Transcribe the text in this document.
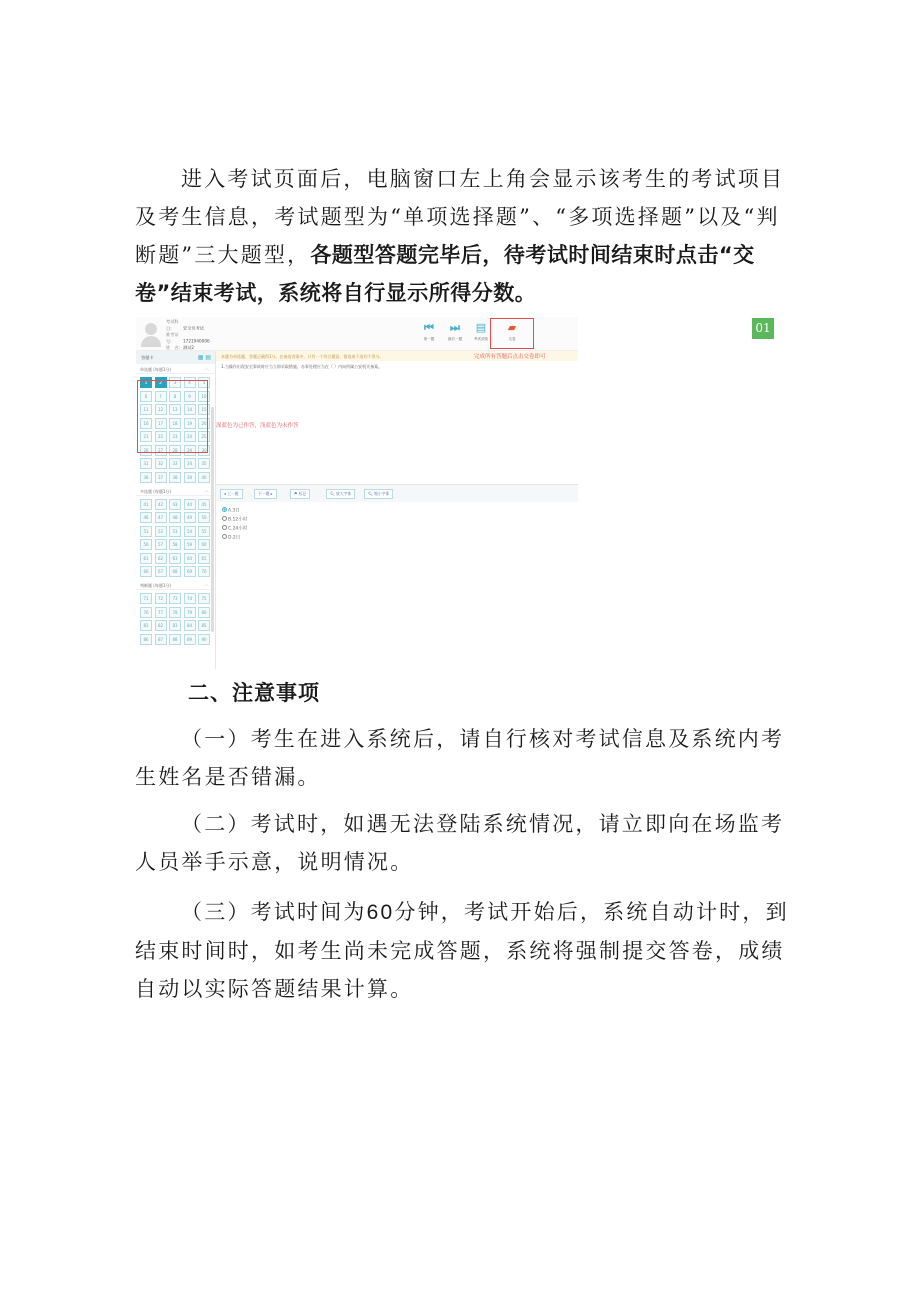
进入考试页面后，电脑窗口左上角会显示该考生的考试项目及考生信息，考试题型为“单项选择题”、“多项选择题”以及“判断题”三大题型，各题型答题完毕后，待考试时间结束时点击“交卷”结束考试，系统将自行显示所得分数。
考试科目:	安全员考试
准考证号:	1721940006
姓　名: 测试2
⏮
第一题
⏭
最后一题
▤
考试须知
▰
交卷
答题卡	▦ ▤
单选题 (每题1分)	︿
1	2	3	4	5
6	7	8	9	10
11	12	13	14	15
16	17	18	19	20
21	22	23	24	25
26	27	28	29	30
31	32	33	34	35
36	37	38	39	40
多选题 (每题1分)	︿
41	42	43	44	45
46	47	48	49	50
51	52	53	54	55
56	57	58	59	60
61	62	63	64	65
66	67	68	69	70
判断题 (每题1分)	︿
71	72	73	74	75
76	77	78	79	80
81	82	83	84	85
86	87	88	89	90
本题为单选题，答题正确得1分。在备选答案中，只有一个符合题意，错选或不选均不得分。	完成所有答题后点击交卷即可
1.当操作出现安全事故时应当立即采取措施，办事处理应当在（ ）内向所属公安机关备案。
◂ 上一题	下一题 ▸	⚑ 标记	🔍︎ 放大字体	🔍︎ 缩小字体
A.3日
B.12小时
C.24小时
D.2日
深蓝色为已作答，浅蓝色为未作答
01
二、注意事项
（一）考生在进入系统后，请自行核对考试信息及系统内考生姓名是否错漏。
（二）考试时，如遇无法登陆系统情况，请立即向在场监考人员举手示意，说明情况。
（三）考试时间为60分钟，考试开始后，系统自动计时，到结束时间时，如考生尚未完成答题，系统将强制提交答卷，成绩自动以实际答题结果计算。
